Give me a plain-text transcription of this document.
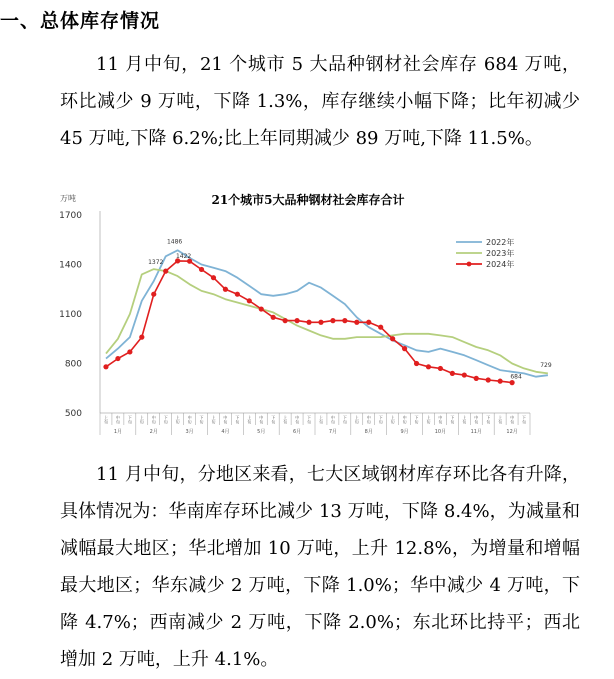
一、总体库存情况
11 月中旬，21 个城市 5 大品种钢材社会库存 684 万吨，环比减少 9 万吨，下降 1.3%，库存继续小幅下降；比年初减少 45 万吨,下降 6.2%;比上年同期减少 89 万吨,下降 11.5%。
21个城市5大品种钢材社会库存合计
万吨
500
800
1100
1400
1700
2022年
2023年
2024年
上
旬
中
旬
下
旬
上
旬
中
旬
下
旬
上
旬
中
旬
下
旬
上
旬
中
旬
下
旬
上
旬
中
旬
下
旬
上
旬
中
旬
下
旬
上
旬
中
旬
下
旬
上
旬
中
旬
下
旬
上
旬
中
旬
下
旬
上
旬
中
旬
下
旬
上
旬
中
旬
下
旬
上
旬
中
旬
下
旬
1月	2月	3月	4月	5月	6月	7月	8月	9月	10月	11月	12月
1486
1372
1422
684
729
11 月中旬，分地区来看，七大区域钢材库存环比各有升降，具体情况为：华南库存环比减少 13 万吨，下降 8.4%，为减量和减幅最大地区；华北增加 10 万吨，上升 12.8%，为增量和增幅最大地区；华东减少 2 万吨，下降 1.0%；华中减少 4 万吨，下降 4.7%；西南减少 2 万吨，下降 2.0%；东北环比持平；西北增加 2 万吨，上升 4.1%。
